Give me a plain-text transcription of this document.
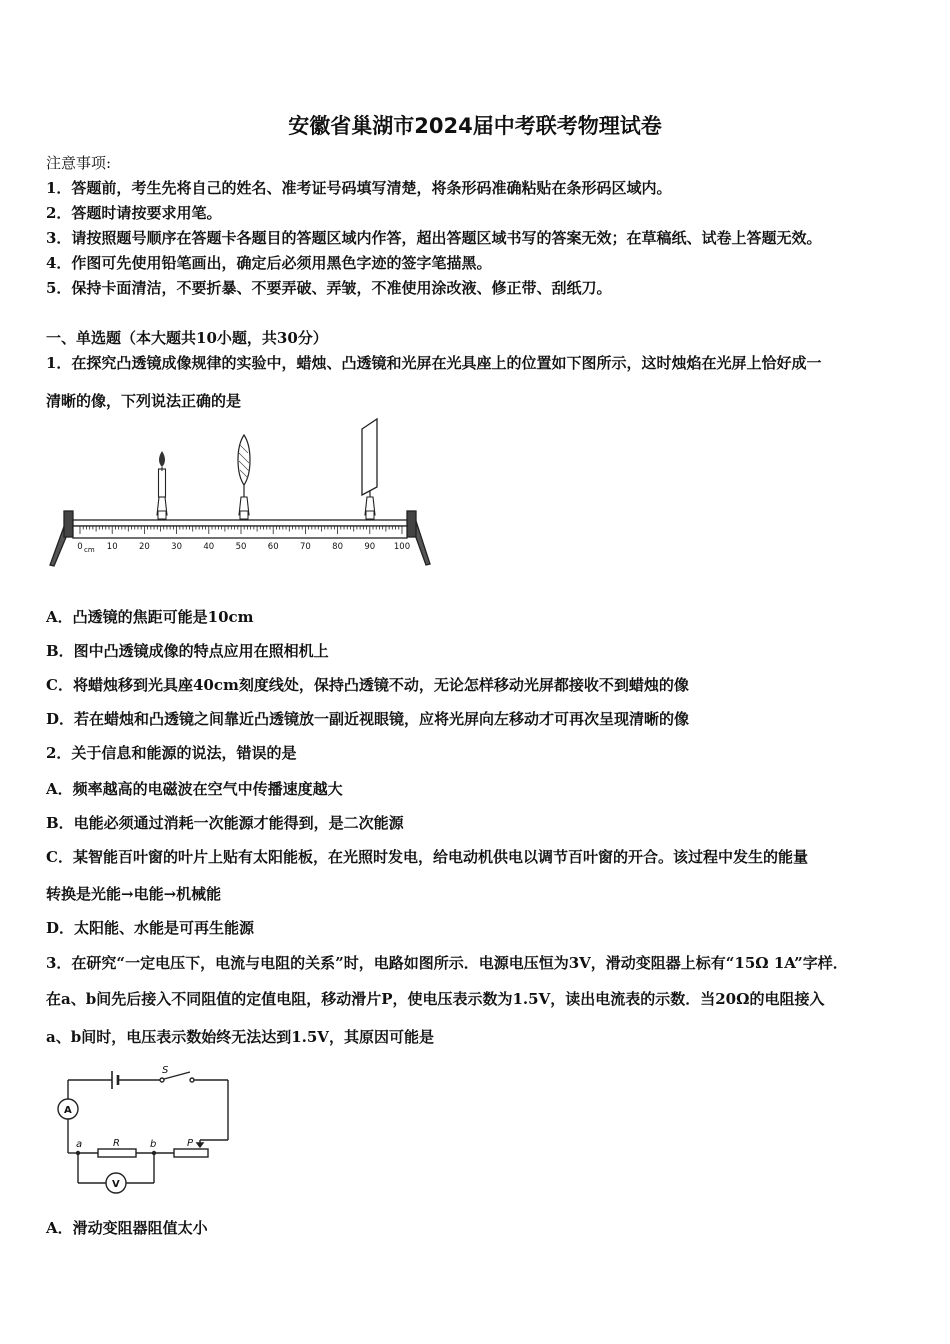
安徽省巢湖市2024届中考联考物理试卷
注意事项:
1．答题前，考生先将自己的姓名、准考证号码填写清楚，将条形码准确粘贴在条形码区域内。
2．答题时请按要求用笔。
3．请按照题号顺序在答题卡各题目的答题区域内作答，超出答题区域书写的答案无效；在草稿纸、试卷上答题无效。
4．作图可先使用铅笔画出，确定后必须用黑色字迹的签字笔描黑。
5．保持卡面清洁，不要折暴、不要弄破、弄皱，不准使用涂改液、修正带、刮纸刀。
一、单选题（本大题共10小题，共30分）
1．在探究凸透镜成像规律的实验中，蜡烛、凸透镜和光屏在光具座上的位置如下图所示，这时烛焰在光屏上恰好成一
清晰的像，下列说法正确的是
0	10	20	30	40	50	60	70	80	90 100
cm
A．凸透镜的焦距可能是10cm
B．图中凸透镜成像的特点应用在照相机上
C．将蜡烛移到光具座40cm刻度线处，保持凸透镜不动，无论怎样移动光屏都接收不到蜡烛的像
D．若在蜡烛和凸透镜之间靠近凸透镜放一副近视眼镜，应将光屏向左移动才可再次呈现清晰的像
2．关于信息和能源的说法，错误的是
A．频率越高的电磁波在空气中传播速度越大
B．电能必须通过消耗一次能源才能得到，是二次能源
C．某智能百叶窗的叶片上贴有太阳能板，在光照时发电，给电动机供电以调节百叶窗的开合。该过程中发生的能量
转换是光能→电能→机械能
D．太阳能、水能是可再生能源
3．在研究“一定电压下，电流与电阻的关系”时，电路如图所示．电源电压恒为3V，滑动变阻器上标有“15Ω 1A”字样．
在a、b间先后接入不同阻值的定值电阻，移动滑片P，使电压表示数为1.5V，读出电流表的示数．当20Ω的电阻接入
a、b间时，电压表示数始终无法达到1.5V，其原因可能是
S
A
V
R	P
a	b
A．滑动变阻器阻值太小
